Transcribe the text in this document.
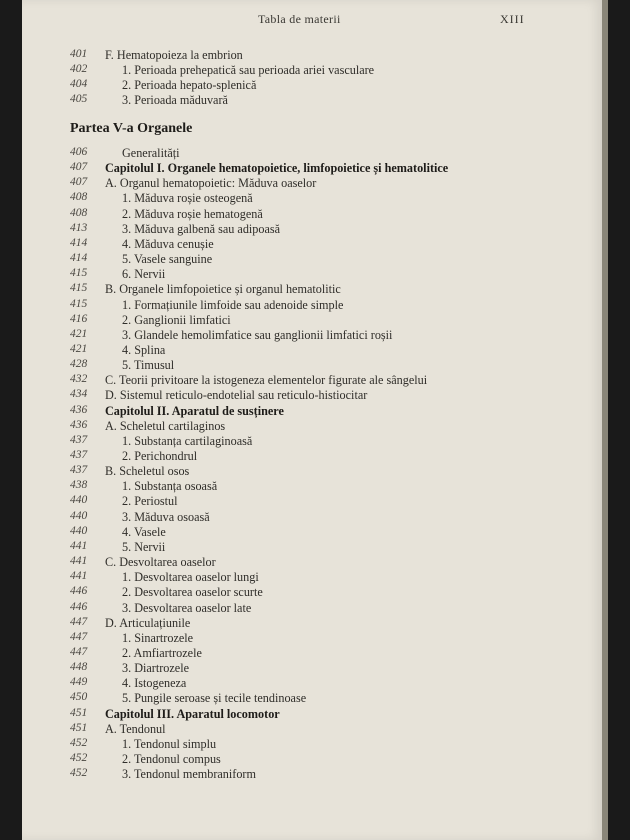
Tabla de materii	XIII
401	F. Hematopoieza la embrion
402	1. Perioada prehepatică sau perioada ariei vasculare
404	2. Perioada hepato-splenică
405	3. Perioada măduvară
Partea V-a Organele
406	Generalități
407	Capitolul I. Organele hematopoietice, limfopoietice și hematolitice
407	A. Organul hematopoietic: Măduva oaselor
408	1. Măduva roșie osteogenă
408	2. Măduva roșie hematogenă
413	3. Măduva galbenă sau adipoasă
414	4. Măduva cenușie
414	5. Vasele sanguine
415	6. Nervii
415	B. Organele limfopoietice și organul hematolitic
415	1. Formațiunile limfoide sau adenoide simple
416	2. Ganglionii limfatici
421	3. Glandele hemolimfatice sau ganglionii limfatici roșii
421	4. Splina
428	5. Timusul
432	C. Teorii privitoare la istogeneza elementelor figurate ale sângelui
434	D. Sistemul reticulo-endotelial sau reticulo-histiocitar
436	Capitolul II. Aparatul de susținere
436	A. Scheletul cartilaginos
437	1. Substanța cartilaginoasă
437	2. Perichondrul
437	B. Scheletul osos
438	1. Substanța osoasă
440	2. Periostul
440	3. Măduva osoasă
440	4. Vasele
441	5. Nervii
441	C. Desvoltarea oaselor
441	1. Desvoltarea oaselor lungi
446	2. Desvoltarea oaselor scurte
446	3. Desvoltarea oaselor late
447	D. Articulațiunile
447	1. Sinartrozele
447	2. Amfiartrozele
448	3. Diartrozele
449	4. Istogeneza
450	5. Pungile seroase și tecile tendinoase
451	Capitolul III. Aparatul locomotor
451	A. Tendonul
452	1. Tendonul simplu
452	2. Tendonul compus
452	3. Tendonul membraniform
